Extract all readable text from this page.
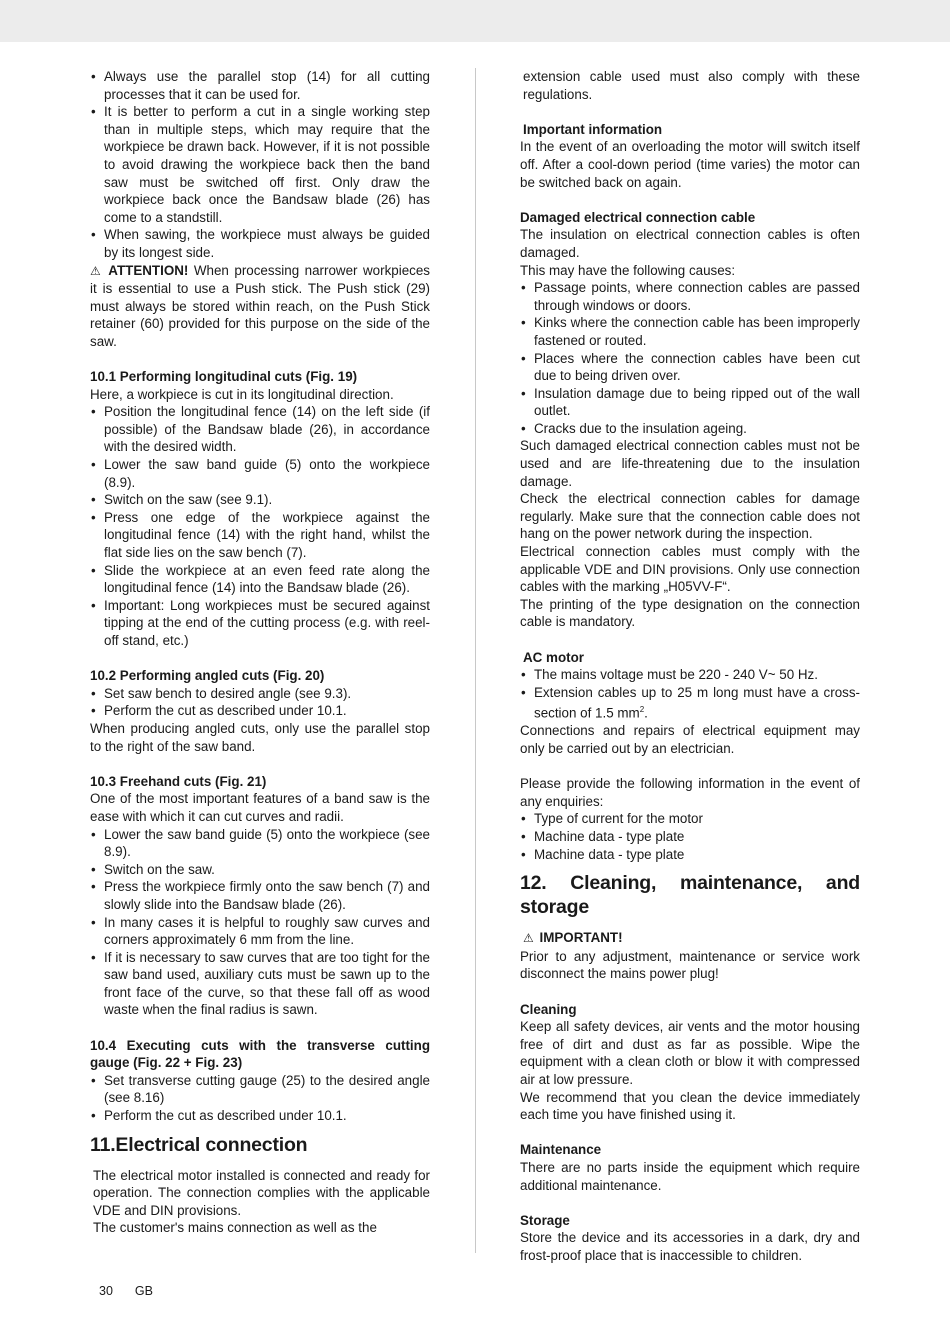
• Always use the parallel stop (14) for all cutting processes that it can be used for.
• It is better to perform a cut in a single working step than in multiple steps, which may require that the workpiece be drawn back. However, if it is not possible to avoid drawing the workpiece back then the band saw must be switched off first. Only draw the workpiece back once the Bandsaw blade (26) has come to a standstill.
• When sawing, the workpiece must always be guided by its longest side.

⚠ ATTENTION! When processing narrower workpieces it is essential to use a Push stick. The Push stick (29) must always be stored within reach, on the Push Stick retainer (60) provided for this purpose on the side of the saw.

10.1 Performing longitudinal cuts (Fig. 19)

Here, a workpiece is cut in its longitudinal direction.

• Position the longitudinal fence (14) on the left side (if possible) of the Bandsaw blade (26), in accordance with the desired width.
• Lower the saw band guide (5) onto the workpiece (8.9).
• Switch on the saw (see 9.1).
• Press one edge of the workpiece against the longitudinal fence (14) with the right hand, whilst the flat side lies on the saw bench (7).
• Slide the workpiece at an even feed rate along the longitudinal fence (14) into the Bandsaw blade (26).
• Important: Long workpieces must be secured against tipping at the end of the cutting process (e.g. with reel-off stand, etc.)

10.2 Performing angled cuts (Fig. 20)

• Set saw bench to desired angle (see 9.3).
• Perform the cut as described under 10.1.

When producing angled cuts, only use the parallel stop to the right of the saw band.

10.3 Freehand cuts (Fig. 21)

One of the most important features of a band saw is the ease with which it can cut curves and radii.

• Lower the saw band guide (5) onto the workpiece (see 8.9).
• Switch on the saw.
• Press the workpiece firmly onto the saw bench (7) and slowly slide into the Bandsaw blade (26).
• In many cases it is helpful to roughly saw curves and corners approximately 6 mm from the line.
• If it is necessary to saw curves that are too tight for the saw band used, auxiliary cuts must be sawn up to the front face of the curve, so that these fall off as wood waste when the final radius is sawn.

10.4 Executing cuts with the transverse cutting gauge (Fig. 22 + Fig. 23)

• Set transverse cutting gauge (25) to the desired angle (see 8.16)
• Perform the cut as described under 10.1.

11.Electrical connection

The electrical motor installed is connected and ready for operation. The connection complies with the applicable VDE and DIN provisions.

The customer's mains connection as well as the

extension cable used must also comply with these regulations.

Important information

In the event of an overloading the motor will switch itself off. After a cool-down period (time varies) the motor can be switched back on again.

Damaged electrical connection cable

The insulation on electrical connection cables is often damaged.

This may have the following causes:

• Passage points, where connection cables are passed through windows or doors.
• Kinks where the connection cable has been improperly fastened or routed.
• Places where the connection cables have been cut due to being driven over.
• Insulation damage due to being ripped out of the wall outlet.
• Cracks due to the insulation ageing.

Such damaged electrical connection cables must not be used and are life-threatening due to the insulation damage.

Check the electrical connection cables for damage regularly. Make sure that the connection cable does not hang on the power network during the inspection.

Electrical connection cables must comply with the applicable VDE and DIN provisions. Only use connection cables with the marking „H05VV-F“.

The printing of the type designation on the connection cable is mandatory.

AC motor

• The mains voltage must be 220 - 240 V~ 50 Hz.
• Extension cables up to 25 m long must have a cross-section of 1.5 $mm^2$.

Connections and repairs of electrical equipment may only be carried out by an electrician.

Please provide the following information in the event of any enquiries:

• Type of current for the motor
• Machine data - type plate
• Machine data - type plate

12. Cleaning, maintenance, and storage

⚠ IMPORTANT!

Prior to any adjustment, maintenance or service work disconnect the mains power plug!

Cleaning

Keep all safety devices, air vents and the motor housing free of dirt and dust as far as possible. Wipe the equipment with a clean cloth or blow it with compressed air at low pressure.

We recommend that you clean the device immediately each time you have finished using it.

Maintenance

There are no parts inside the equipment which require additional maintenance.

Storage

Store the device and its accessories in a dark, dry and frost-proof place that is inaccessible to children.

30 GB
